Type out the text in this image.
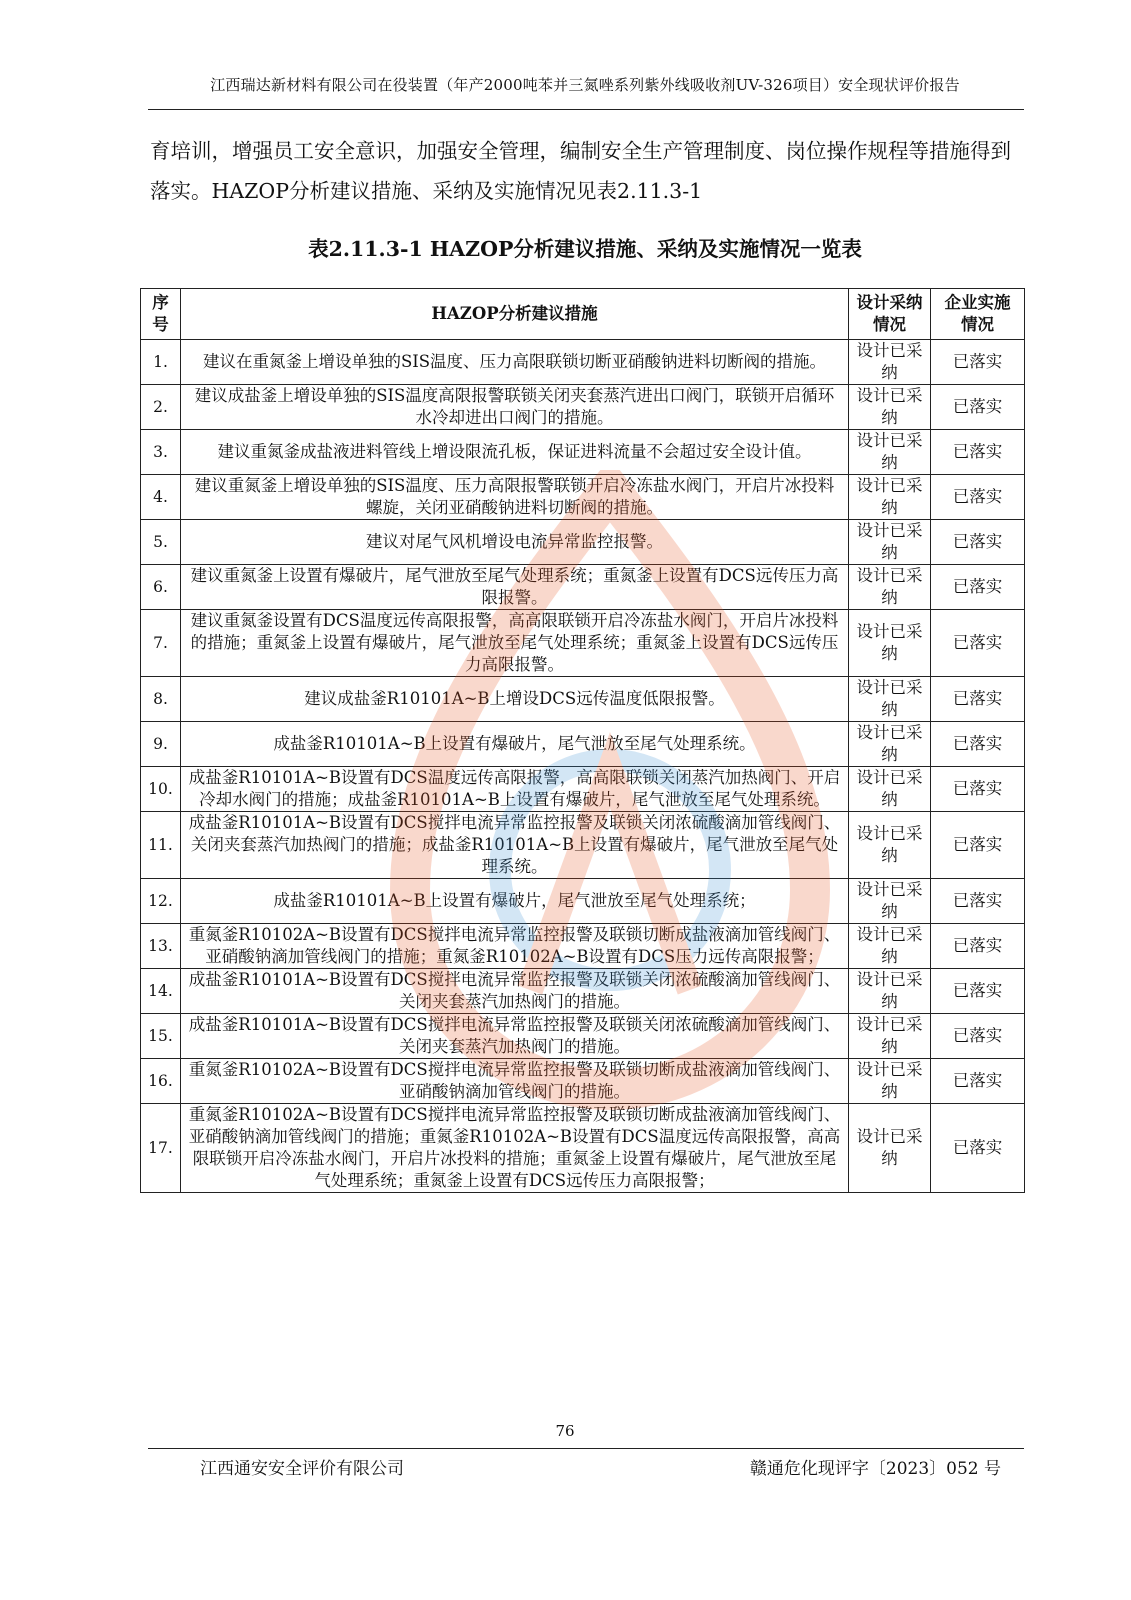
江西瑞达新材料有限公司在役装置（年产2000吨苯并三氮唑系列紫外线吸收剂UV-326项目）安全现状评价报告
育培训，增强员工安全意识，加强安全管理，编制安全生产管理制度、岗位操作规程等措施得到落实。HAZOP分析建议措施、采纳及实施情况见表2.11.3-1
表2.11.3-1 HAZOP分析建议措施、采纳及实施情况一览表
序号	HAZOP分析建议措施	设计采纳情况	企业实施情况
1.	建议在重氮釜上增设单独的SIS温度、压力高限联锁切断亚硝酸钠进料切断阀的措施。	设计已采纳	已落实
2.	建议成盐釜上增设单独的SIS温度高限报警联锁关闭夹套蒸汽进出口阀门，联锁开启循环水冷却进出口阀门的措施。	设计已采纳	已落实
3.	建议重氮釜成盐液进料管线上增设限流孔板，保证进料流量不会超过安全设计值。	设计已采纳	已落实
4.	建议重氮釜上增设单独的SIS温度、压力高限报警联锁开启冷冻盐水阀门，开启片冰投料螺旋，关闭亚硝酸钠进料切断阀的措施。	设计已采纳	已落实
5.	建议对尾气风机增设电流异常监控报警。	设计已采纳	已落实
6.	建议重氮釜上设置有爆破片，尾气泄放至尾气处理系统；重氮釜上设置有DCS远传压力高限报警。	设计已采纳	已落实
7.	建议重氮釜设置有DCS温度远传高限报警，高高限联锁开启冷冻盐水阀门，开启片冰投料的措施；重氮釜上设置有爆破片，尾气泄放至尾气处理系统；重氮釜上设置有DCS远传压力高限报警。	设计已采纳	已落实
8.	建议成盐釜R10101A~B上增设DCS远传温度低限报警。	设计已采纳	已落实
9.	成盐釜R10101A~B上设置有爆破片，尾气泄放至尾气处理系统。	设计已采纳	已落实
10.	成盐釜R10101A~B设置有DCS温度远传高限报警，高高限联锁关闭蒸汽加热阀门、开启冷却水阀门的措施；成盐釜R10101A~B上设置有爆破片，尾气泄放至尾气处理系统。	设计已采纳	已落实
11.	成盐釜R10101A~B设置有DCS搅拌电流异常监控报警及联锁关闭浓硫酸滴加管线阀门、关闭夹套蒸汽加热阀门的措施；成盐釜R10101A~B上设置有爆破片，尾气泄放至尾气处理系统。	设计已采纳	已落实
12.	成盐釜R10101A~B上设置有爆破片，尾气泄放至尾气处理系统；	设计已采纳	已落实
13.	重氮釜R10102A~B设置有DCS搅拌电流异常监控报警及联锁切断成盐液滴加管线阀门、亚硝酸钠滴加管线阀门的措施；重氮釜R10102A~B设置有DCS压力远传高限报警；	设计已采纳	已落实
14.	成盐釜R10101A~B设置有DCS搅拌电流异常监控报警及联锁关闭浓硫酸滴加管线阀门、关闭夹套蒸汽加热阀门的措施。	设计已采纳	已落实
15.	成盐釜R10101A~B设置有DCS搅拌电流异常监控报警及联锁关闭浓硫酸滴加管线阀门、关闭夹套蒸汽加热阀门的措施。	设计已采纳	已落实
16.	重氮釜R10102A~B设置有DCS搅拌电流异常监控报警及联锁切断成盐液滴加管线阀门、亚硝酸钠滴加管线阀门的措施。	设计已采纳	已落实
17.	重氮釜R10102A~B设置有DCS搅拌电流异常监控报警及联锁切断成盐液滴加管线阀门、亚硝酸钠滴加管线阀门的措施；重氮釜R10102A~B设置有DCS温度远传高限报警，高高限联锁开启冷冻盐水阀门，开启片冰投料的措施；重氮釜上设置有爆破片，尾气泄放至尾气处理系统；重氮釜上设置有DCS远传压力高限报警；	设计已采纳	已落实
76
江西通安安全评价有限公司	赣通危化现评字〔2023〕052 号
